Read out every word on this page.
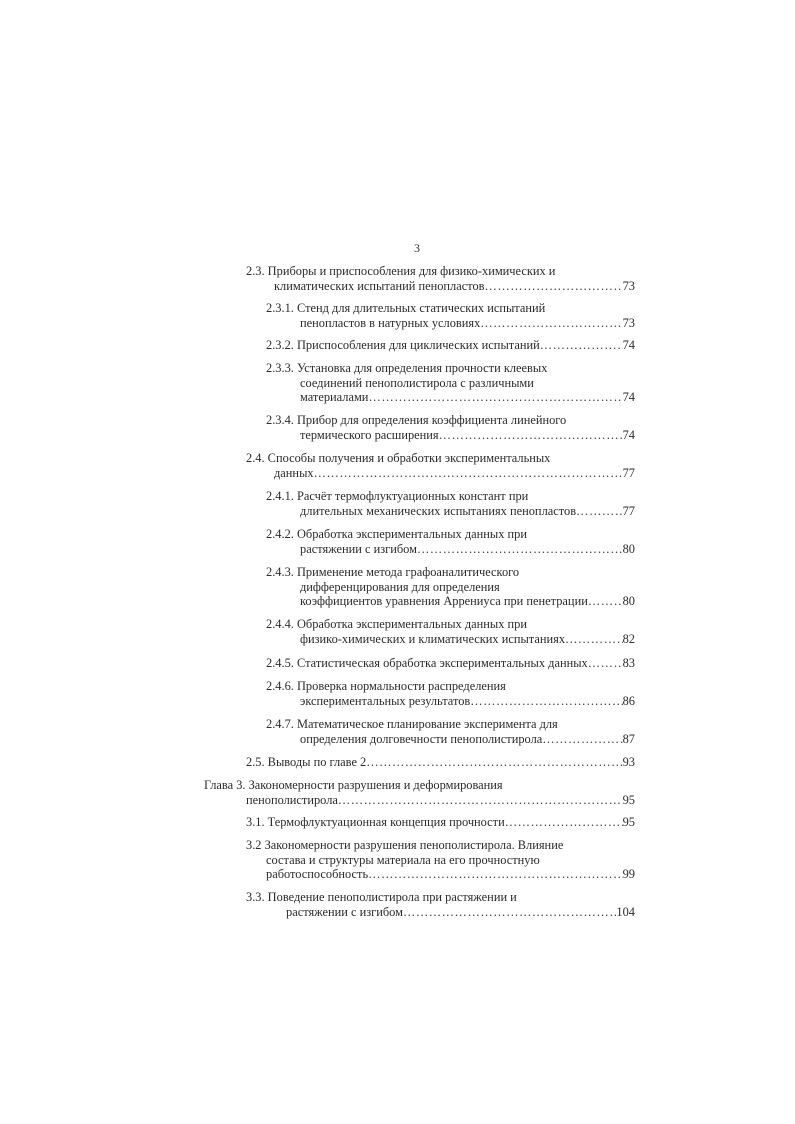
3
2.3. Приборы и приспособления для физико-химических и
климатических испытаний пенопластов ……………………………………………………………………………………………………………………………………………………………………	73
2.3.1. Стенд для длительных статических испытаний
пенопластов в натурных условиях ……………………………………………………………………………………………………………………………………………………………………	73
2.3.2. Приспособления для циклических испытаний ……………………………………………………………………………………………………………………………………………………………………	74
2.3.3. Установка для определения прочности клеевых
соединений пенополистирола с различными
материалами ……………………………………………………………………………………………………………………………………………………………………	74
2.3.4. Прибор для определения коэффициента линейного
термического расширения ……………………………………………………………………………………………………………………………………………………………………	74
2.4. Способы получения и обработки экспериментальных
данных ……………………………………………………………………………………………………………………………………………………………………	77
2.4.1. Расчёт термофлуктуационных констант при
длительных механических испытаниях пенопластов ……………………………………………………………………………………………………………………………………………………………………	77
2.4.2. Обработка экспериментальных данных при
растяжении с изгибом ……………………………………………………………………………………………………………………………………………………………………	80
2.4.3. Применение метода графоаналитического
дифференцирования для определения
коэффициентов уравнения Аррениуса при пенетрации ……………………………………………………………………………………………………………………………………………………………………	80
2.4.4. Обработка экспериментальных данных при
физико-химических и климатических испытаниях ……………………………………………………………………………………………………………………………………………………………………	82
2.4.5. Статистическая обработка экспериментальных данных ……………………………………………………………………………………………………………………………………………………………………	83
2.4.6. Проверка нормальности распределения
экспериментальных результатов ……………………………………………………………………………………………………………………………………………………………………	86
2.4.7. Математическое планирование эксперимента для
определения долговечности пенополистирола ……………………………………………………………………………………………………………………………………………………………………	87
2.5. Выводы по главе 2 ……………………………………………………………………………………………………………………………………………………………………	93
Глава 3. Закономерности разрушения и деформирования
пенополистирола ……………………………………………………………………………………………………………………………………………………………………	95
3.1. Термофлуктуационная концепция прочности ……………………………………………………………………………………………………………………………………………………………………	95
3.2 Закономерности разрушения пенополистирола. Влияние
состава и структуры материала на его прочностную
работоспособность ……………………………………………………………………………………………………………………………………………………………………	99
3.3. Поведение пенополистирола при растяжении и
растяжении с изгибом ……………………………………………………………………………………………………………………………………………………………………	104
